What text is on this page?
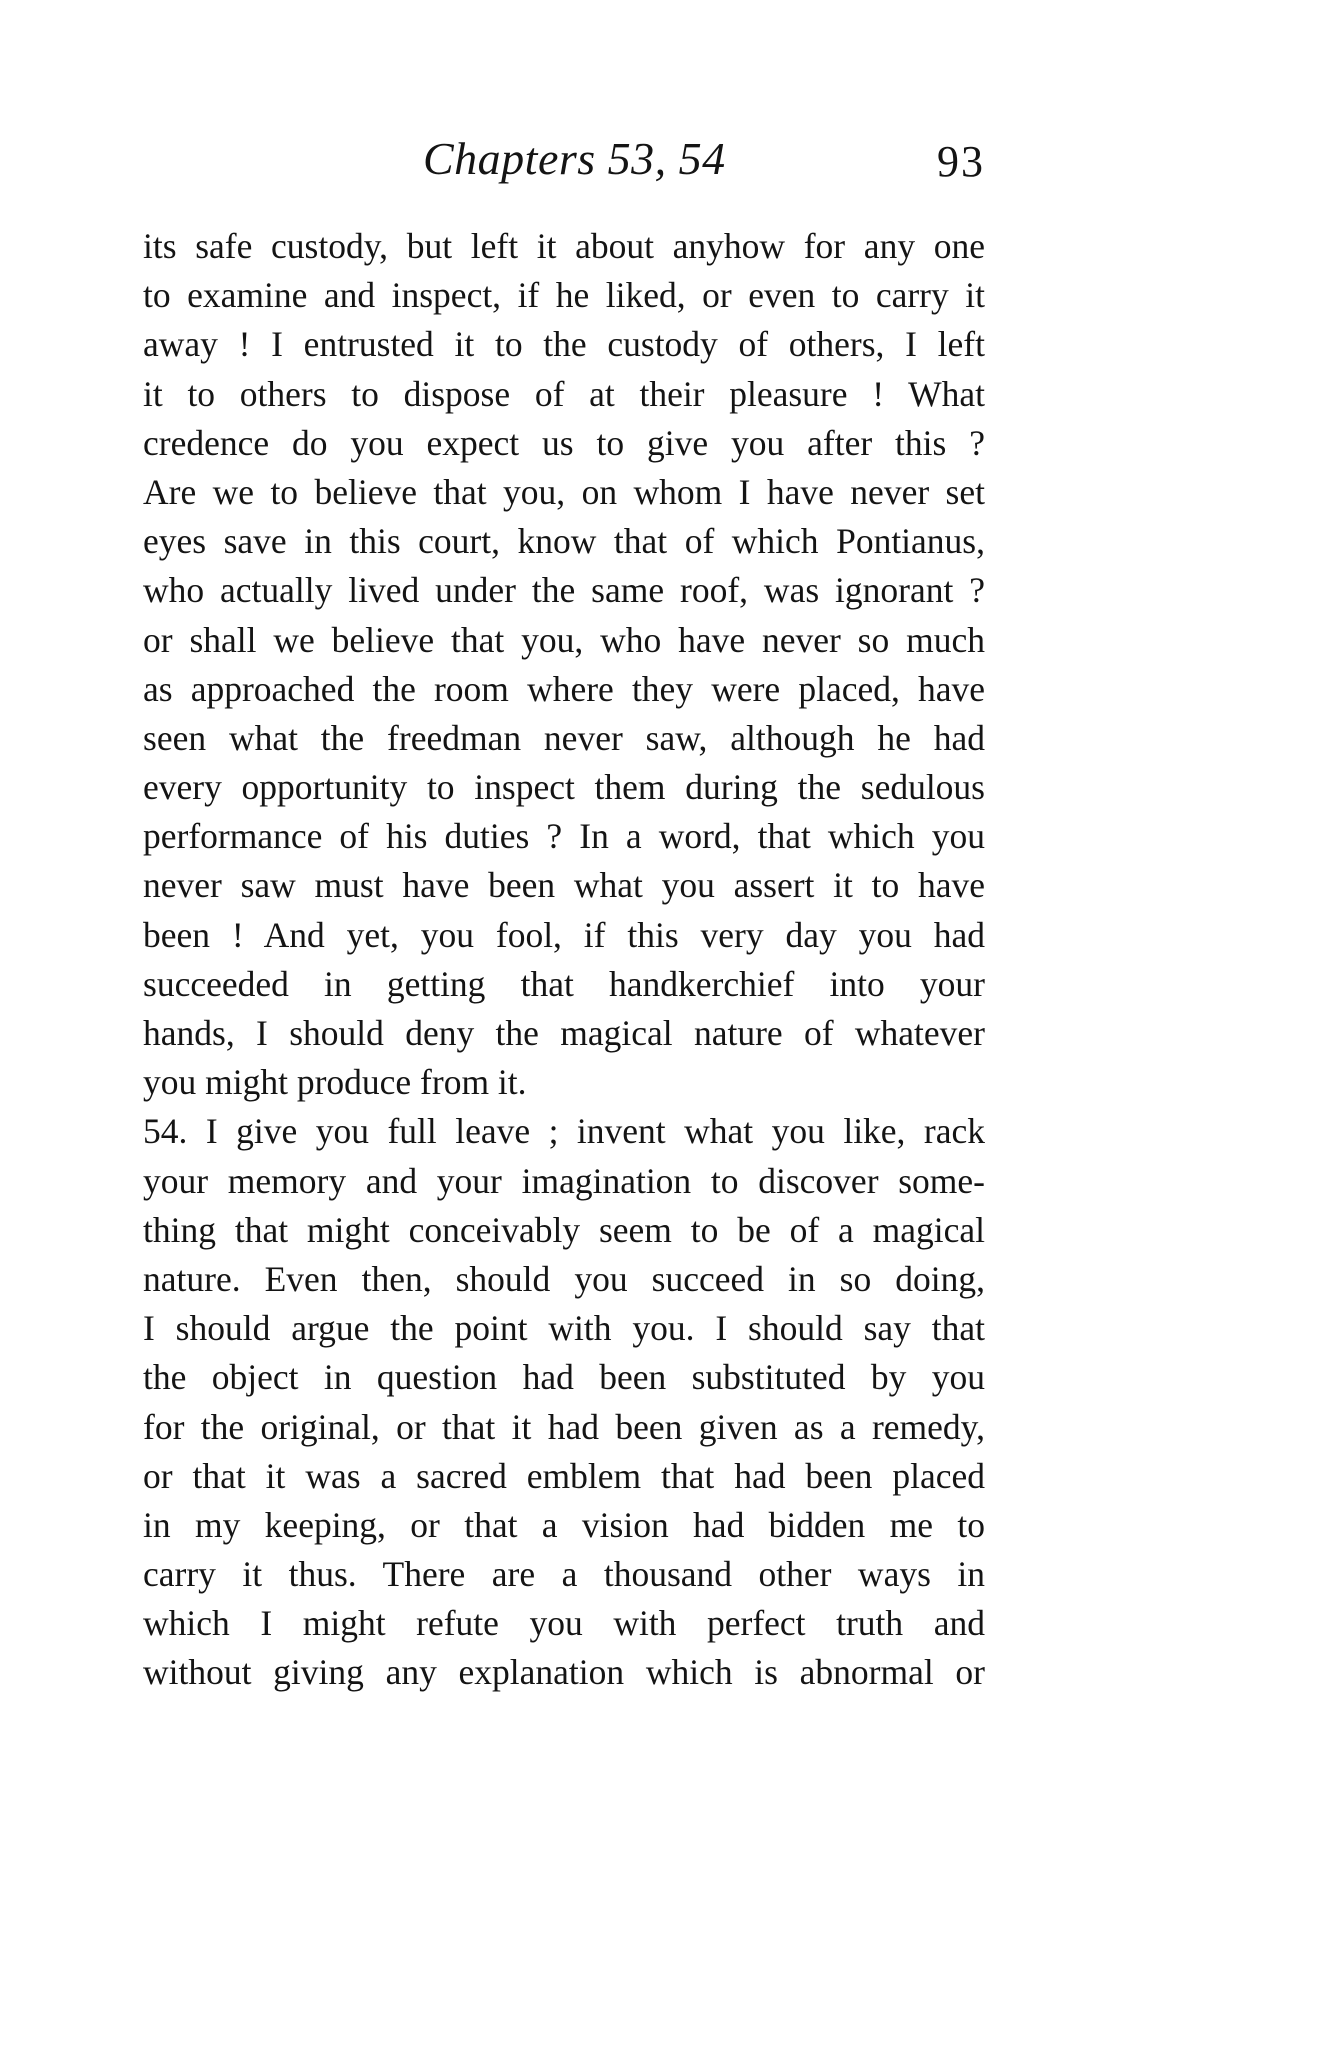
Chapters 53, 54	93
its safe custody, but left it about anyhow for any one
to examine and inspect, if he liked, or even to carry it
away ! I entrusted it to the custody of others, I left
it to others to dispose of at their pleasure ! What
credence do you expect us to give you after this ?
Are we to believe that you, on whom I have never set
eyes save in this court, know that of which Pontianus,
who actually lived under the same roof, was ignorant ?
or shall we believe that you, who have never so much
as approached the room where they were placed, have
seen what the freedman never saw, although he had
every opportunity to inspect them during the sedulous
performance of his duties ? In a word, that which you
never saw must have been what you assert it to have
been ! And yet, you fool, if this very day you had
succeeded in getting that handkerchief into your
hands, I should deny the magical nature of whatever
you might produce from it.
54. I give you full leave ; invent what you like, rack
your memory and your imagination to discover some-
thing that might conceivably seem to be of a magical
nature. Even then, should you succeed in so doing,
I should argue the point with you. I should say that
the object in question had been substituted by you
for the original, or that it had been given as a remedy,
or that it was a sacred emblem that had been placed
in my keeping, or that a vision had bidden me to
carry it thus. There are a thousand other ways in
which I might refute you with perfect truth and
without giving any explanation which is abnormal or
